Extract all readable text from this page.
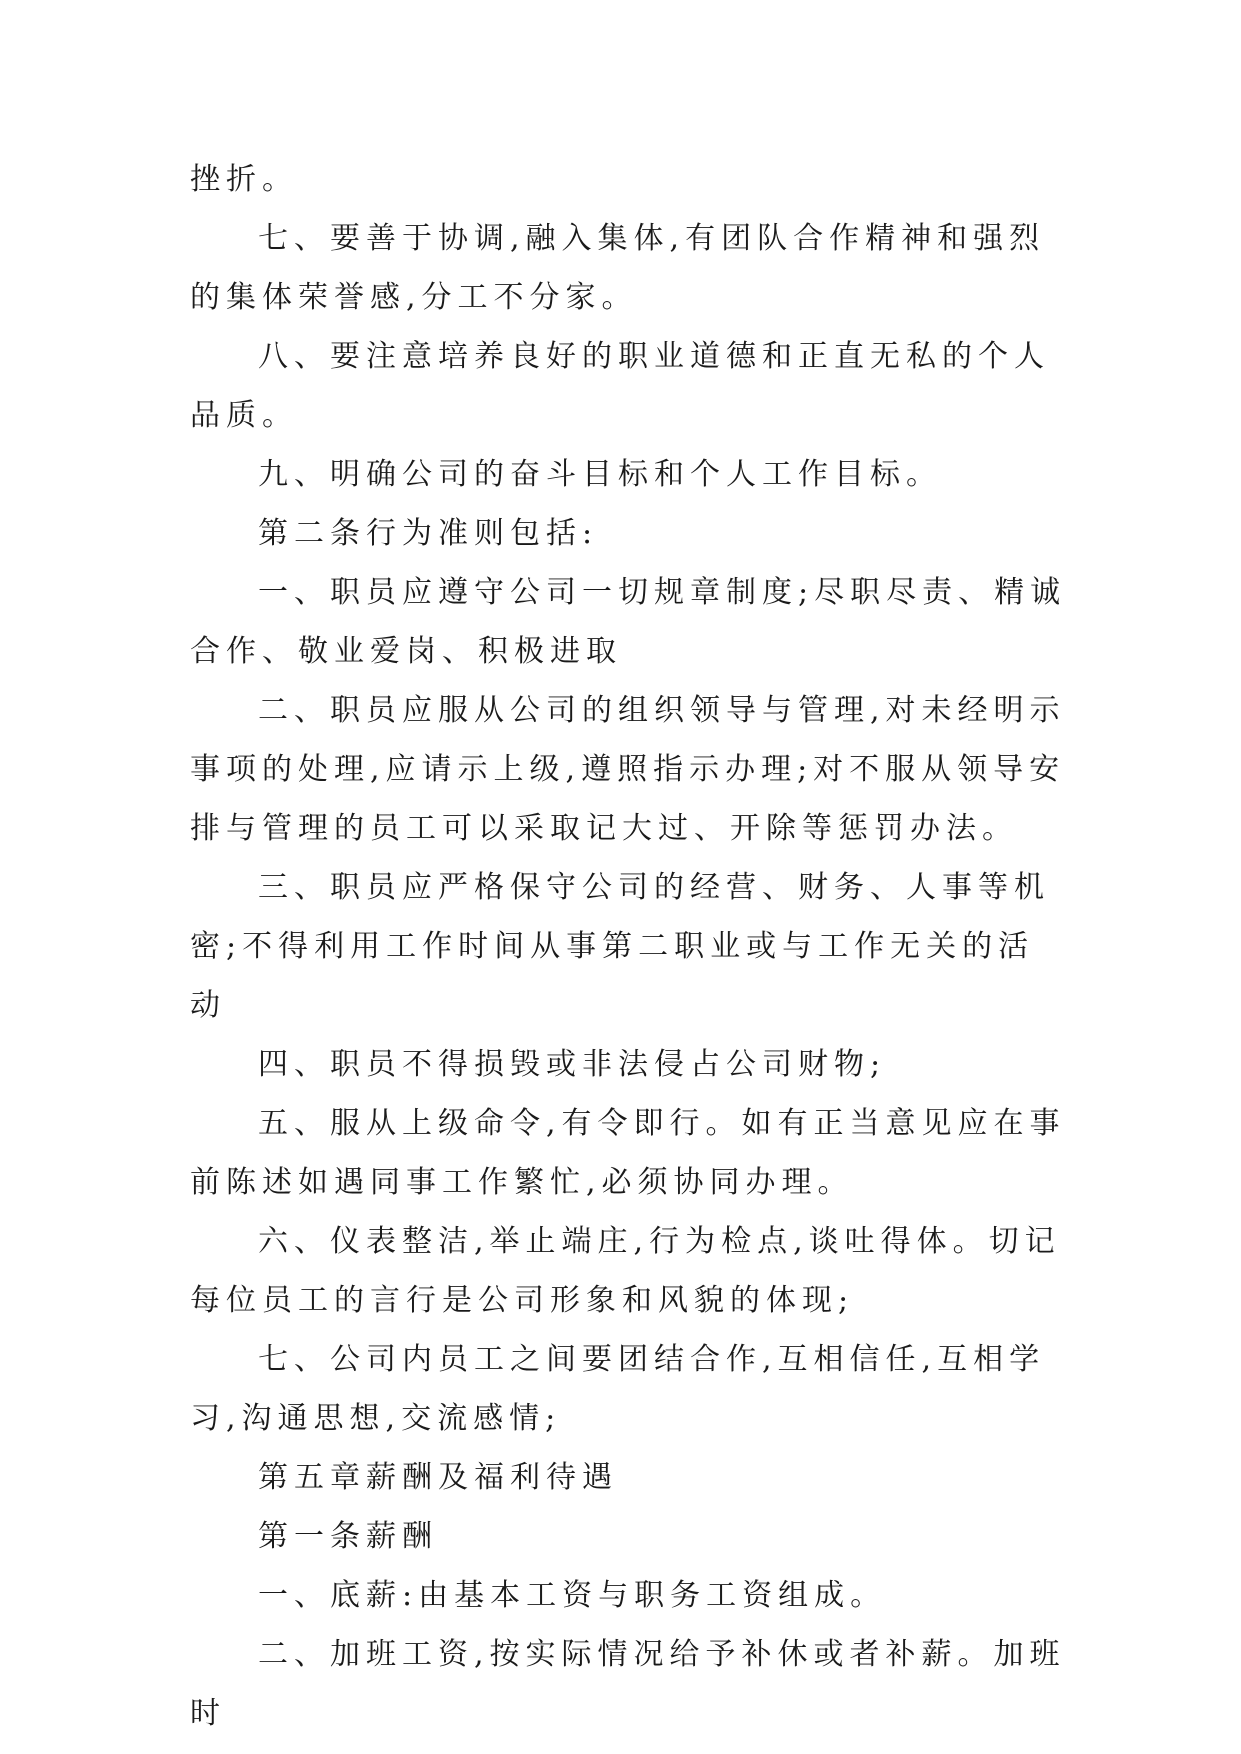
挫折。

七、要善于协调,融入集体,有团队合作精神和强烈的集体荣誉感,分工不分家。

八、要注意培养良好的职业道德和正直无私的个人品质。

九、明确公司的奋斗目标和个人工作目标。

第二条行为准则包括:

一、职员应遵守公司一切规章制度;尽职尽责、精诚合作、敬业爱岗、积极进取

二、职员应服从公司的组织领导与管理,对未经明示事项的处理,应请示上级,遵照指示办理;对不服从领导安排与管理的员工可以采取记大过、开除等惩罚办法。

三、职员应严格保守公司的经营、财务、人事等机密;不得利用工作时间从事第二职业或与工作无关的活动

四、职员不得损毁或非法侵占公司财物;

五、服从上级命令,有令即行。如有正当意见应在事前陈述如遇同事工作繁忙,必须协同办理。

六、仪表整洁,举止端庄,行为检点,谈吐得体。切记每位员工的言行是公司形象和风貌的体现;

七、公司内员工之间要团结合作,互相信任,互相学习,沟通思想,交流感情;

第五章薪酬及福利待遇

第一条薪酬

一、底薪:由基本工资与职务工资组成。

二、加班工资,按实际情况给予补休或者补薪。加班时
